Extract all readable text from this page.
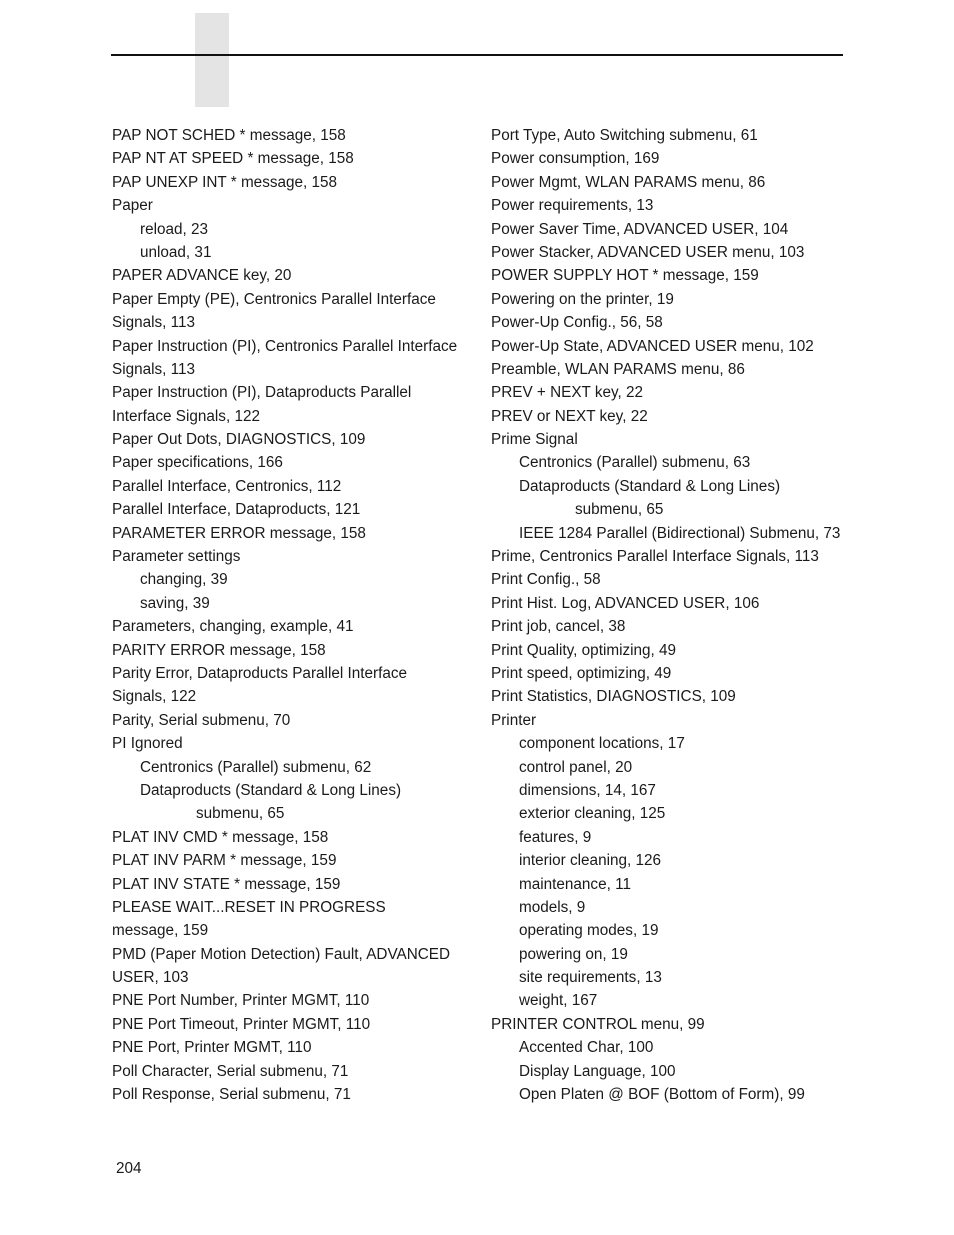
PAP NOT SCHED * message, 158
PAP NT AT SPEED * message, 158
PAP UNEXP INT * message, 158
Paper
reload, 23
unload, 31
PAPER ADVANCE key, 20
Paper Empty (PE), Centronics Parallel Interface
Signals, 113
Paper Instruction (PI), Centronics Parallel Interface
Signals, 113
Paper Instruction (PI), Dataproducts Parallel
Interface Signals, 122
Paper Out Dots, DIAGNOSTICS, 109
Paper specifications, 166
Parallel Interface, Centronics, 112
Parallel Interface, Dataproducts, 121
PARAMETER ERROR message, 158
Parameter settings
changing, 39
saving, 39
Parameters, changing, example, 41
PARITY ERROR message, 158
Parity Error, Dataproducts Parallel Interface
Signals, 122
Parity, Serial submenu, 70
PI Ignored
Centronics (Parallel) submenu, 62
Dataproducts (Standard & Long Lines)
submenu, 65
PLAT INV CMD * message, 158
PLAT INV PARM * message, 159
PLAT INV STATE * message, 159
PLEASE WAIT...RESET IN PROGRESS
message, 159
PMD (Paper Motion Detection) Fault, ADVANCED
USER, 103
PNE Port Number, Printer MGMT, 110
PNE Port Timeout, Printer MGMT, 110
PNE Port, Printer MGMT, 110
Poll Character, Serial submenu, 71
Poll Response, Serial submenu, 71
Port Type, Auto Switching submenu, 61
Power consumption, 169
Power Mgmt, WLAN PARAMS menu, 86
Power requirements, 13
Power Saver Time, ADVANCED USER, 104
Power Stacker, ADVANCED USER menu, 103
POWER SUPPLY HOT * message, 159
Powering on the printer, 19
Power-Up Config., 56, 58
Power-Up State, ADVANCED USER menu, 102
Preamble, WLAN PARAMS menu, 86
PREV + NEXT key, 22
PREV or NEXT key, 22
Prime Signal
Centronics (Parallel) submenu, 63
Dataproducts (Standard & Long Lines)
submenu, 65
IEEE 1284 Parallel (Bidirectional) Submenu, 73
Prime, Centronics Parallel Interface Signals, 113
Print Config., 58
Print Hist. Log, ADVANCED USER, 106
Print job, cancel, 38
Print Quality, optimizing, 49
Print speed, optimizing, 49
Print Statistics, DIAGNOSTICS, 109
Printer
component locations, 17
control panel, 20
dimensions, 14, 167
exterior cleaning, 125
features, 9
interior cleaning, 126
maintenance, 11
models, 9
operating modes, 19
powering on, 19
site requirements, 13
weight, 167
PRINTER CONTROL menu, 99
Accented Char, 100
Display Language, 100
Open Platen @ BOF (Bottom of Form), 99
204
